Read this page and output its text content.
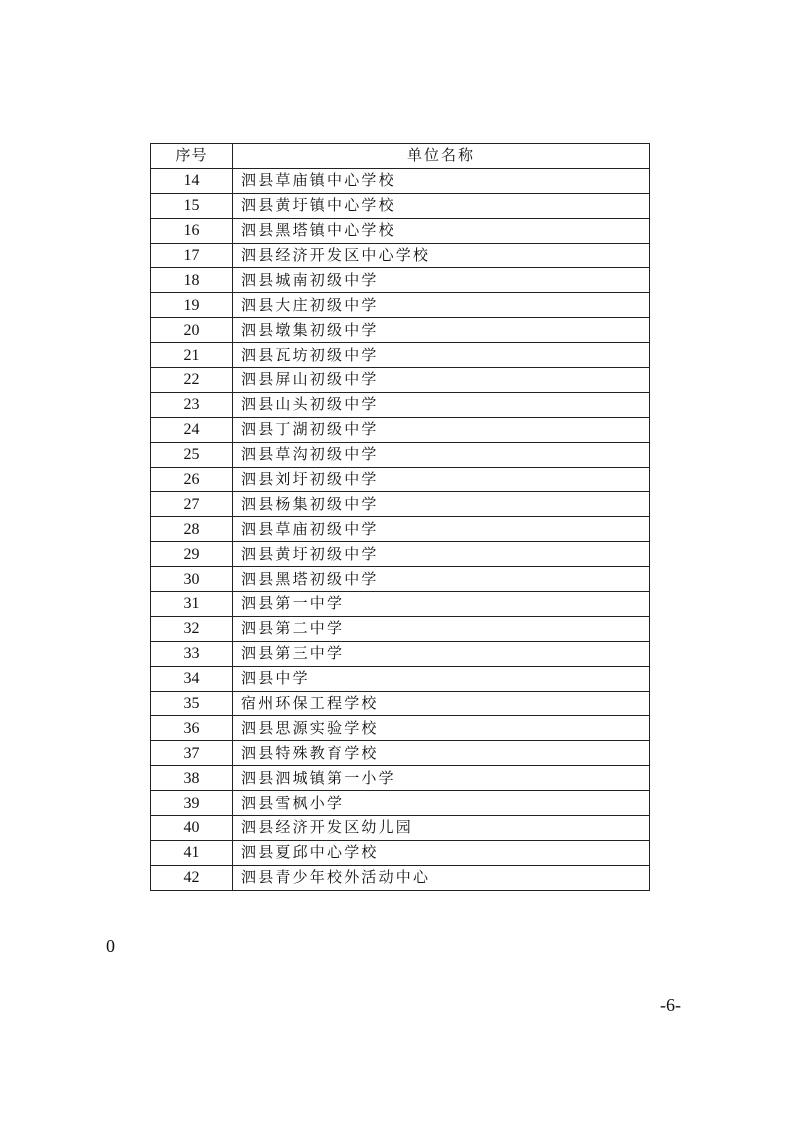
序号	单位名称
14	泗县草庙镇中心学校
15	泗县黄圩镇中心学校
16	泗县黑塔镇中心学校
17	泗县经济开发区中心学校
18	泗县城南初级中学
19	泗县大庄初级中学
20	泗县墩集初级中学
21	泗县瓦坊初级中学
22	泗县屏山初级中学
23	泗县山头初级中学
24	泗县丁湖初级中学
25	泗县草沟初级中学
26	泗县刘圩初级中学
27	泗县杨集初级中学
28	泗县草庙初级中学
29	泗县黄圩初级中学
30	泗县黑塔初级中学
31	泗县第一中学
32	泗县第二中学
33	泗县第三中学
34	泗县中学
35	宿州环保工程学校
36	泗县思源实验学校
37	泗县特殊教育学校
38	泗县泗城镇第一小学
39	泗县雪枫小学
40	泗县经济开发区幼儿园
41	泗县夏邱中心学校
42	泗县青少年校外活动中心
0
-6-
